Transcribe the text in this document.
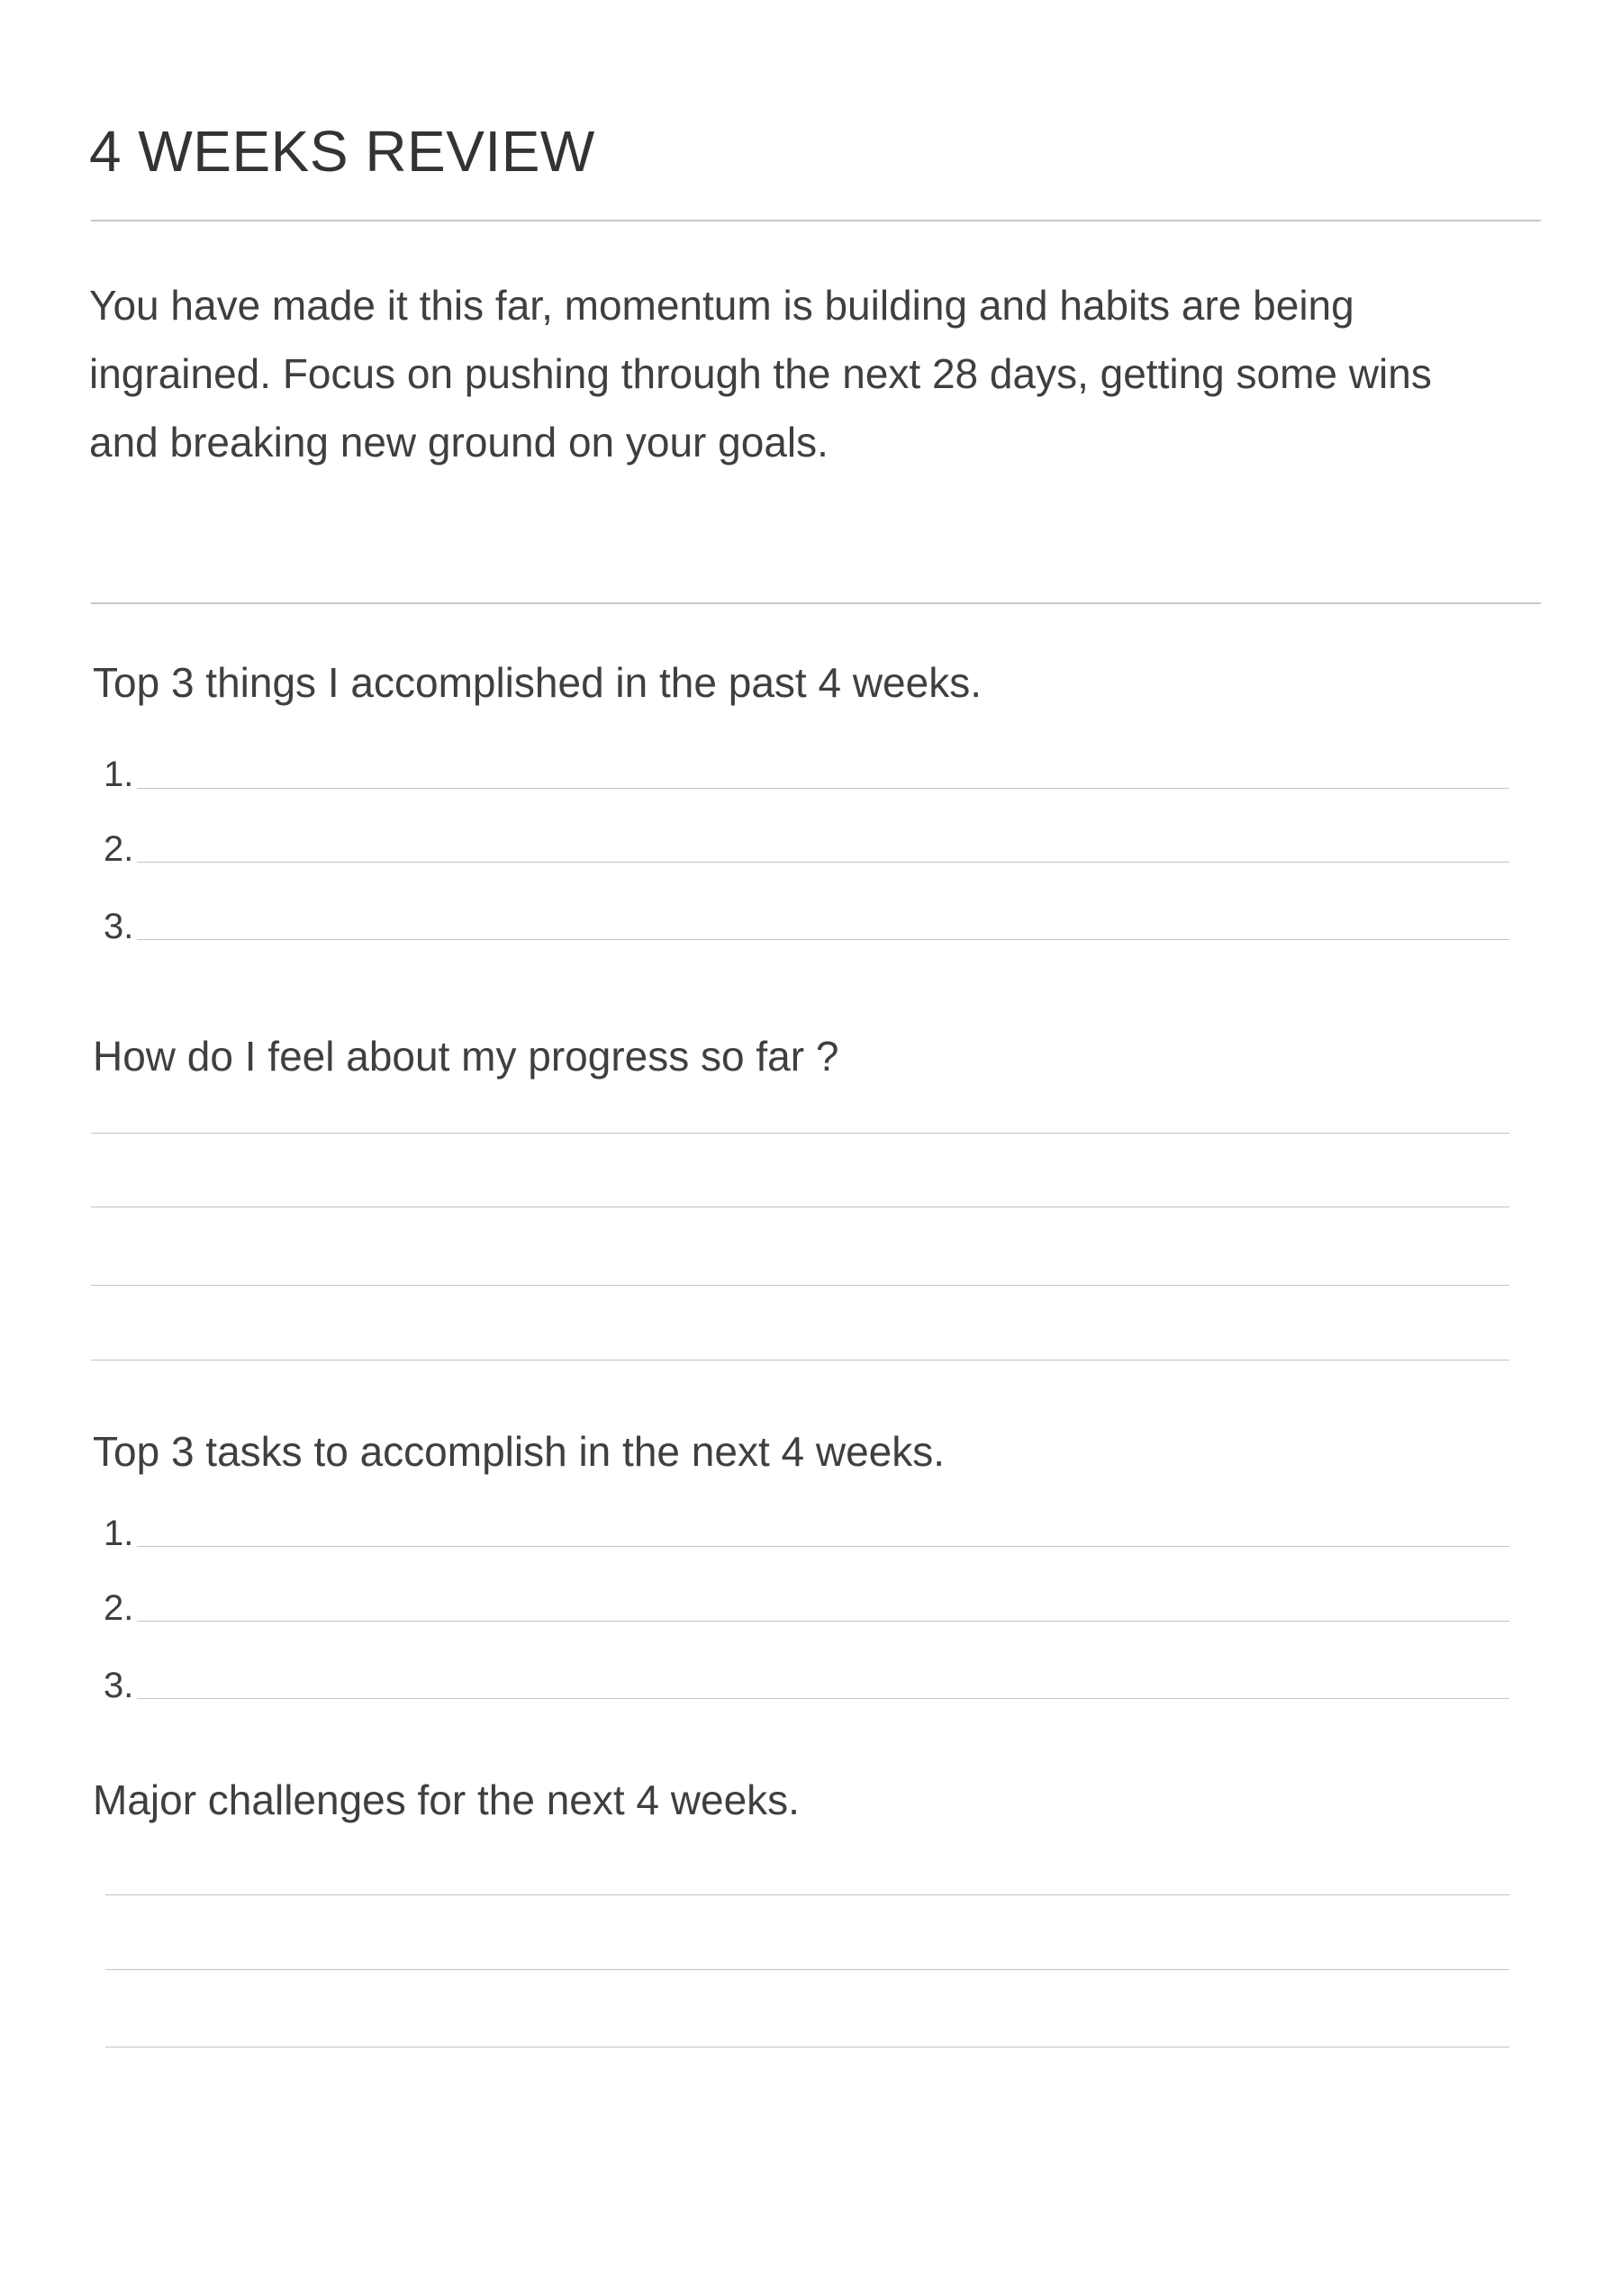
4 WEEKS REVIEW
You have made it this far, momentum is building and habits are being
ingrained. Focus on pushing through the next 28 days, getting some wins
and breaking new ground on your goals.
Top 3 things I accomplished in the past 4 weeks.
1.
2.
3.
How do I feel about my progress so far ?
Top 3 tasks to accomplish in the next 4 weeks.
1.
2.
3.
Major challenges for the next 4 weeks.
